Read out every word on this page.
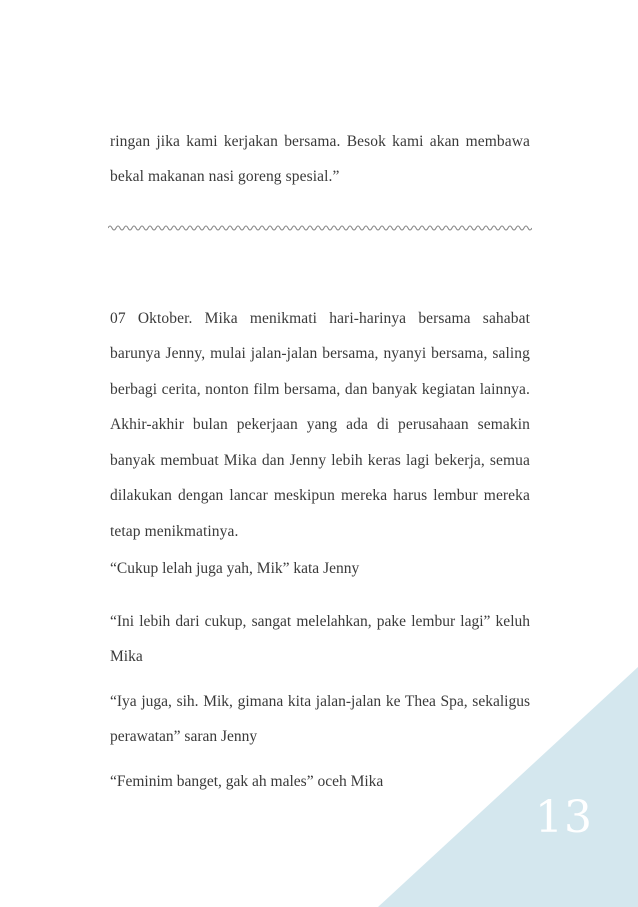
ringan jika kami kerjakan bersama. Besok kami akan membawa bekal makanan nasi goreng spesial.”

07 Oktober. Mika menikmati hari-harinya bersama sahabat barunya Jenny, mulai jalan-jalan bersama, nyanyi bersama, saling berbagi cerita, nonton film bersama, dan banyak kegiatan lainnya. Akhir-akhir bulan pekerjaan yang ada di perusahaan semakin banyak membuat Mika dan Jenny lebih keras lagi bekerja, semua dilakukan dengan lancar meskipun mereka harus lembur mereka tetap menikmatinya.

“Cukup lelah juga yah, Mik” kata Jenny

“Ini lebih dari cukup, sangat melelahkan, pake lembur lagi” keluh Mika

“Iya juga, sih. Mik, gimana kita jalan-jalan ke Thea Spa, sekaligus perawatan” saran Jenny

“Feminim banget, gak ah males” oceh Mika

13
